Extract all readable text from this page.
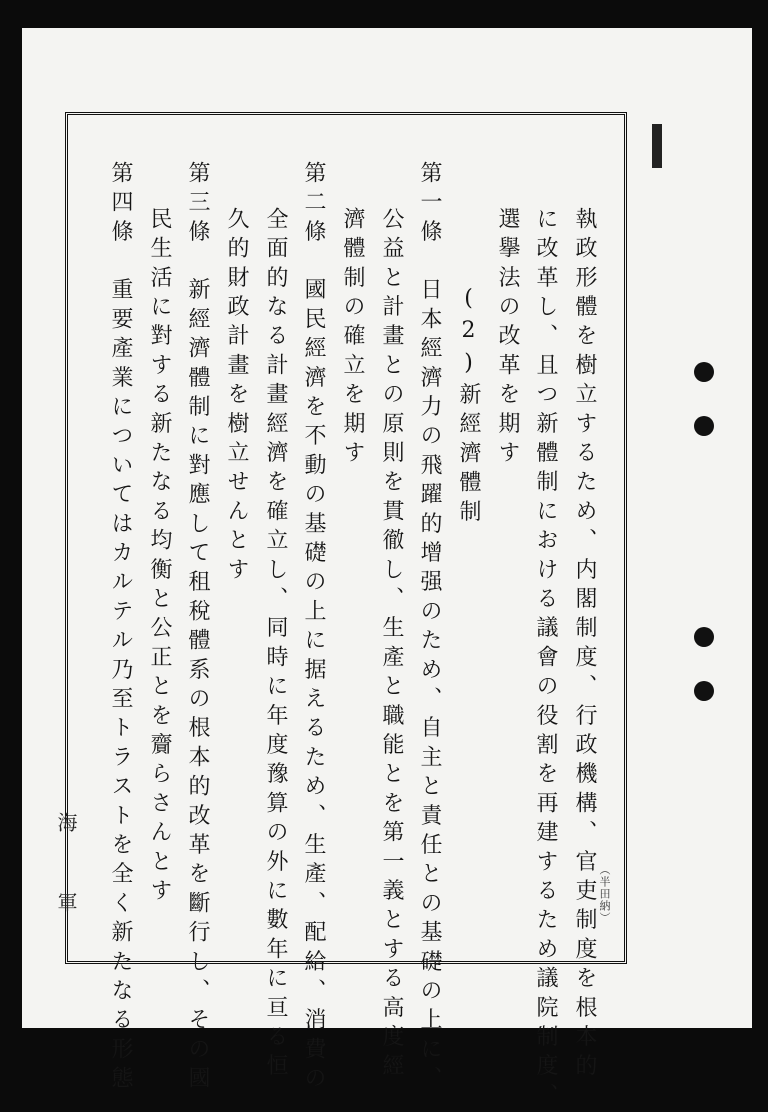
執政形體を樹立するため、内閣制度、行政機構、官吏制度を根本的
に改革し、且つ新體制における議會の役割を再建するため議院制度、
選擧法の改革を期す
(2)新經濟體制
第一條　日本經濟力の飛躍的增强のため、自主と責任との基礎の上に、
公益と計畫との原則を貫徹し、生產と職能とを第一義とする高度經
濟體制の確立を期す
第二條　國民經濟を不動の基礎の上に据えるため、生產、配給、消費の
全面的なる計畫經濟を確立し、同時に年度豫算の外に數年に亘る恒
久的財政計畫を樹立せんとす
第三條　新經濟體制に對應して租稅體系の根本的改革を斷行し、その國
民生活に對する新たなる均衡と公正とを齎らさんとす
第四條　重要產業についてはカルテル乃至トラストを全く新たなる形態
海軍	（半田納）
